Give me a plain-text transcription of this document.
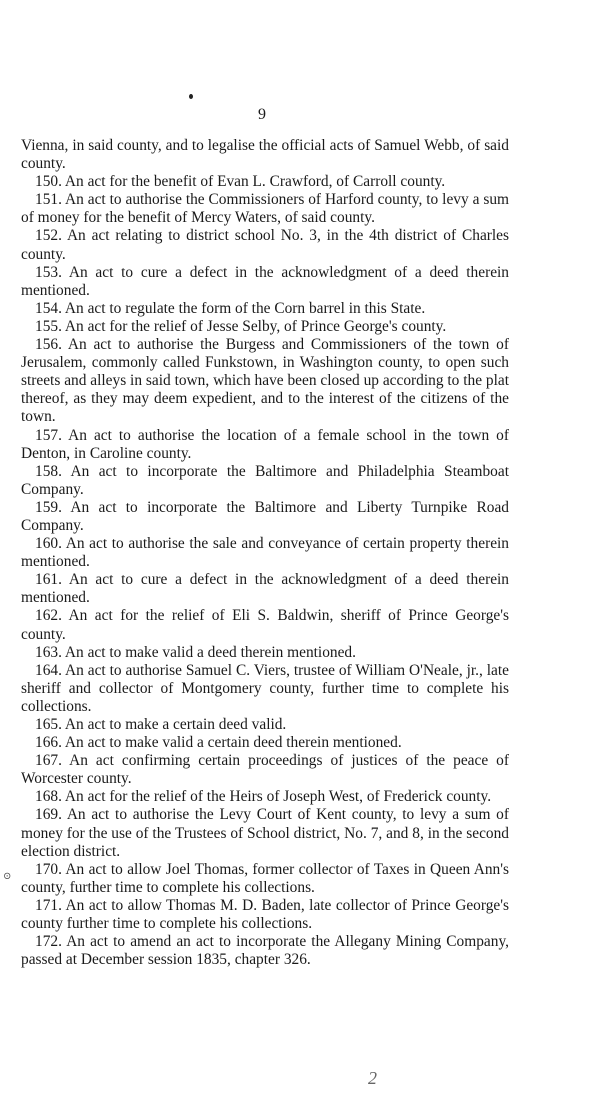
9
⊙

Vienna, in said county, and to legalise the official acts of Samuel Webb, of said county.

150. An act for the benefit of Evan L. Crawford, of Carroll county.

151. An act to authorise the Commissioners of Harford county, to levy a sum of money for the benefit of Mercy Waters, of said county.

152. An act relating to district school No. 3, in the 4th district of Charles county.

153. An act to cure a defect in the acknowledgment of a deed therein mentioned.

154. An act to regulate the form of the Corn barrel in this State.

155. An act for the relief of Jesse Selby, of Prince George's county.

156. An act to authorise the Burgess and Commissioners of the town of Jerusalem, commonly called Funkstown, in Washington county, to open such streets and alleys in said town, which have been closed up according to the plat thereof, as they may deem expedient, and to the interest of the citizens of the town.

157. An act to authorise the location of a female school in the town of Denton, in Caroline county.

158. An act to incorporate the Baltimore and Philadelphia Steamboat Company.

159. An act to incorporate the Baltimore and Liberty Turnpike Road Company.

160. An act to authorise the sale and conveyance of certain property therein mentioned.

161. An act to cure a defect in the acknowledgment of a deed therein mentioned.

162. An act for the relief of Eli S. Baldwin, sheriff of Prince George's county.

163. An act to make valid a deed therein mentioned.

164. An act to authorise Samuel C. Viers, trustee of William O'Neale, jr., late sheriff and collector of Montgomery county, further time to complete his collections.

165. An act to make a certain deed valid.

166. An act to make valid a certain deed therein mentioned.

167. An act confirming certain proceedings of justices of the peace of Worcester county.

168. An act for the relief of the Heirs of Joseph West, of Frederick county.

169. An act to authorise the Levy Court of Kent county, to levy a sum of money for the use of the Trustees of School district, No. 7, and 8, in the second election district.

170. An act to allow Joel Thomas, former collector of Taxes in Queen Ann's county, further time to complete his collections.

171. An act to allow Thomas M. D. Baden, late collector of Prince George's county further time to complete his collections.

172. An act to amend an act to incorporate the Allegany Mining Company, passed at December session 1835, chapter 326.

2
